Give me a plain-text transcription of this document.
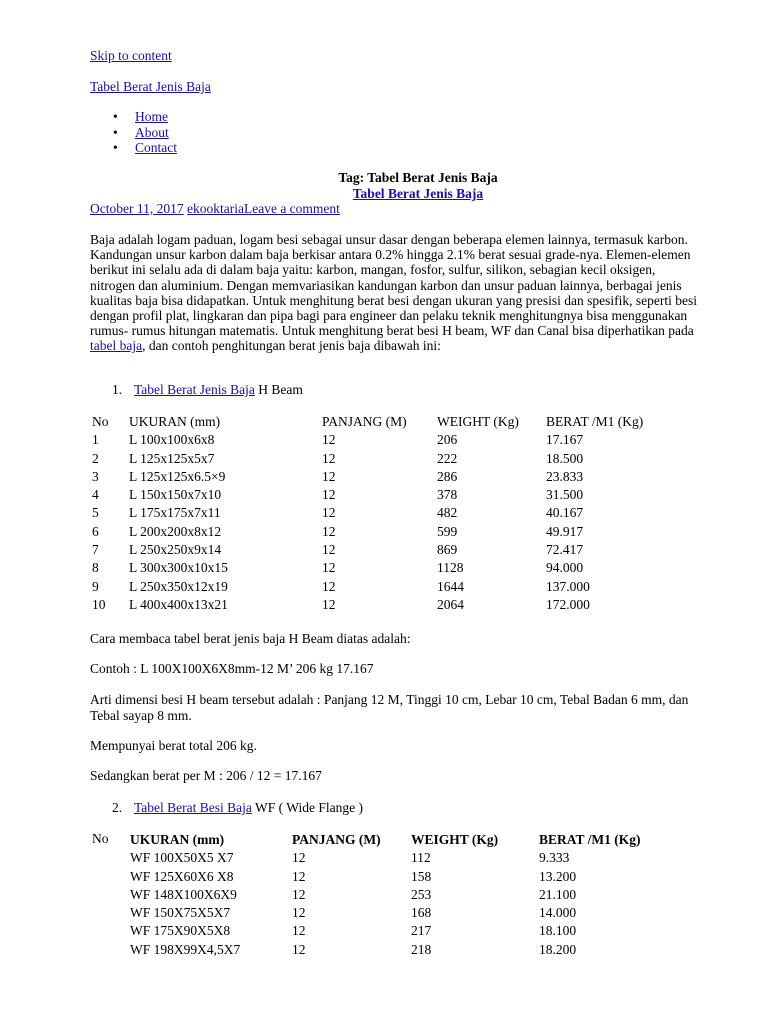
Skip to content
Tabel Berat Jenis Baja
• Home
• About
• Contact
Tag: Tabel Berat Jenis Baja
Tabel Berat Jenis Baja
October 11, 2017 ekooktariaLeave a comment
Baja adalah logam paduan, logam besi sebagai unsur dasar dengan beberapa elemen lainnya, termasuk karbon. Kandungan unsur karbon dalam baja berkisar antara 0.2% hingga 2.1% berat sesuai grade-nya. Elemen-elemen berikut ini selalu ada di dalam baja yaitu: karbon, mangan, fosfor, sulfur, silikon, sebagian kecil oksigen, nitrogen dan aluminium. Dengan memvariasikan kandungan karbon dan unsur paduan lainnya, berbagai jenis kualitas baja bisa didapatkan. Untuk menghitung berat besi dengan ukuran yang presisi dan spesifik, seperti besi dengan profil plat, lingkaran dan pipa bagi para engineer dan pelaku teknik menghitungnya bisa menggunakan rumus- rumus hitungan matematis. Untuk menghitung berat besi H beam, WF dan Canal bisa diperhatikan pada tabel baja, dan contoh penghitungan berat jenis baja dibawah ini:
1. Tabel Berat Jenis Baja H Beam
No	UKURAN (mm)	PANJANG (M)	WEIGHT (Kg)	BERAT /M1 (Kg)
1	L 100x100x6x8	12	206	17.167
2	L 125x125x5x7	12	222	18.500
3	L 125x125x6.5×9	12	286	23.833
4	L 150x150x7x10	12	378	31.500
5	L 175x175x7x11	12	482	40.167
6	L 200x200x8x12	12	599	49.917
7	L 250x250x9x14	12	869	72.417
8	L 300x300x10x15	12	1128	94.000
9	L 250x350x12x19	12	1644	137.000
10	L 400x400x13x21	12	2064	172.000
Cara membaca tabel berat jenis baja H Beam diatas adalah:
Contoh : L 100X100X6X8mm-12 M’ 206 kg 17.167
Arti dimensi besi H beam tersebut adalah : Panjang 12 M, Tinggi 10 cm, Lebar 10 cm, Tebal Badan 6 mm, dan Tebal sayap 8 mm.
Mempunyai berat total 206 kg.
Sedangkan berat per M : 206 / 12 = 17.167
2. Tabel Berat Besi Baja WF ( Wide Flange )
No UKURAN (mm)	PANJANG (M)	WEIGHT (Kg)	BERAT /M1 (Kg)
WF 100X50X5 X7	12	112	9.333
WF 125X60X6 X8	12	158	13.200
WF 148X100X6X9	12	253	21.100
WF 150X75X5X7	12	168	14.000
WF 175X90X5X8	12	217	18.100
WF 198X99X4,5X7	12	218	18.200
